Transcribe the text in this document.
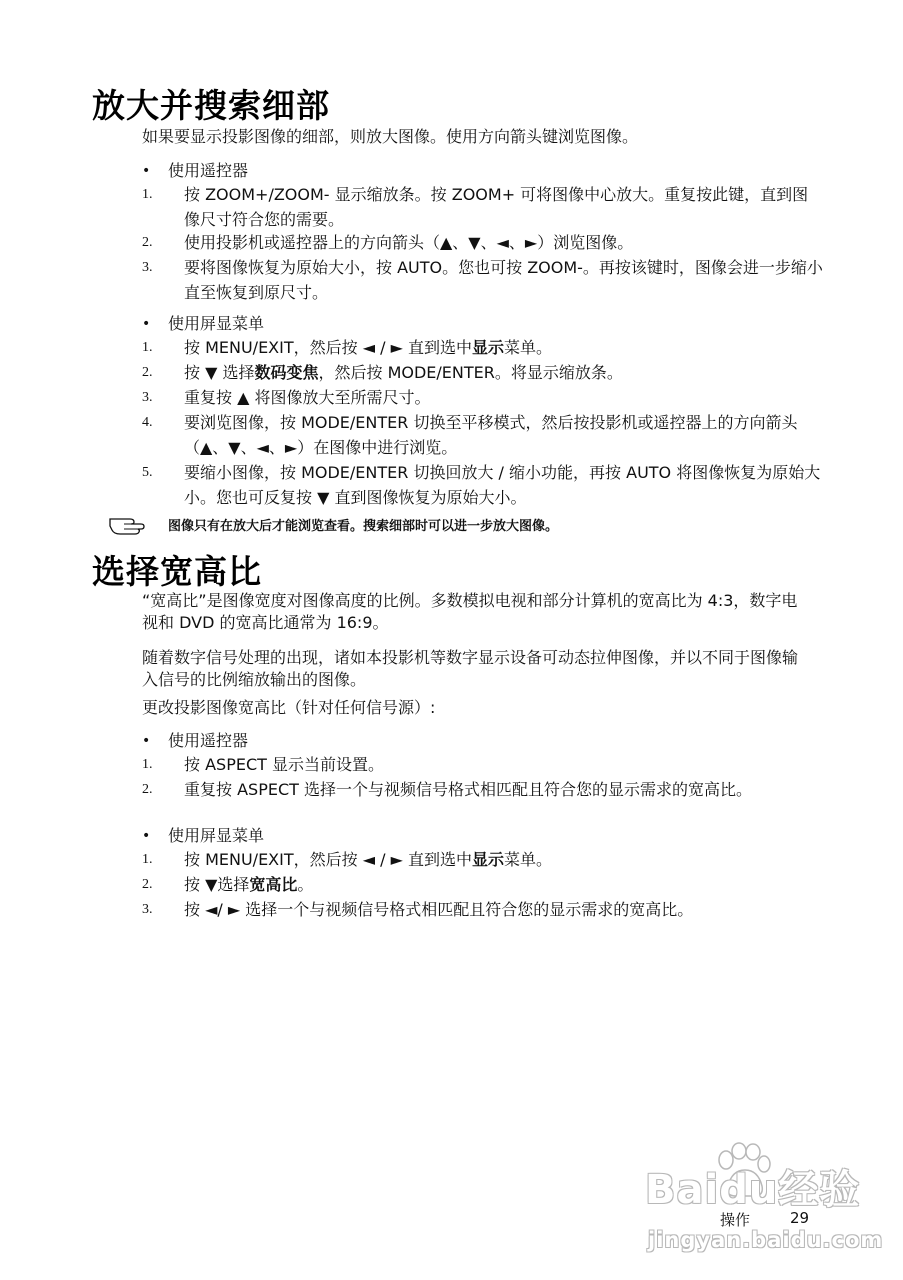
放大并搜索细部

如果要显示投影图像的细部，则放大图像。使用方向箭头键浏览图像。

• 使用遥控器
1. 按 ZOOM+/ZOOM- 显示缩放条。按 ZOOM+ 可将图像中心放大。重复按此键，直到图像尺寸符合您的需要。
2. 使用投影机或遥控器上的方向箭头（▲、▼、◄、►）浏览图像。
3. 要将图像恢复为原始大小，按 AUTO。您也可按 ZOOM-。再按该键时，图像会进一步缩小直至恢复到原尺寸。
• 使用屏显菜单
1. 按 MENU/EXIT，然后按 ◄ / ► 直到选中显示菜单。
2. 按 ▼ 选择数码变焦，然后按 MODE/ENTER。将显示缩放条。
3. 重复按 ▲ 将图像放大至所需尺寸。
4. 要浏览图像，按 MODE/ENTER 切换至平移模式，然后按投影机或遥控器上的方向箭头（▲、▼、◄、►）在图像中进行浏览。
5. 要缩小图像，按 MODE/ENTER 切换回放大 / 缩小功能，再按 AUTO 将图像恢复为原始大小。您也可反复按 ▼ 直到图像恢复为原始大小。
图像只有在放大后才能浏览查看。搜索细部时可以进一步放大图像。
选择宽高比

“宽高比”是图像宽度对图像高度的比例。多数模拟电视和部分计算机的宽高比为 4:3，数字电视和 DVD 的宽高比通常为 16:9。

随着数字信号处理的出现，诸如本投影机等数字显示设备可动态拉伸图像，并以不同于图像输入信号的比例缩放输出的图像。

更改投影图像宽高比（针对任何信号源）:

• 使用遥控器
1. 按 ASPECT 显示当前设置。
2. 重复按 ASPECT 选择一个与视频信号格式相匹配且符合您的显示需求的宽高比。
• 使用屏显菜单
1. 按 MENU/EXIT，然后按 ◄ / ► 直到选中显示菜单。
2. 按 ▼选择宽高比。
3. 按 ◄/ ► 选择一个与视频信号格式相匹配且符合您的显示需求的宽高比。
Baidu经验
jingyan.baidu.com
操作	29
